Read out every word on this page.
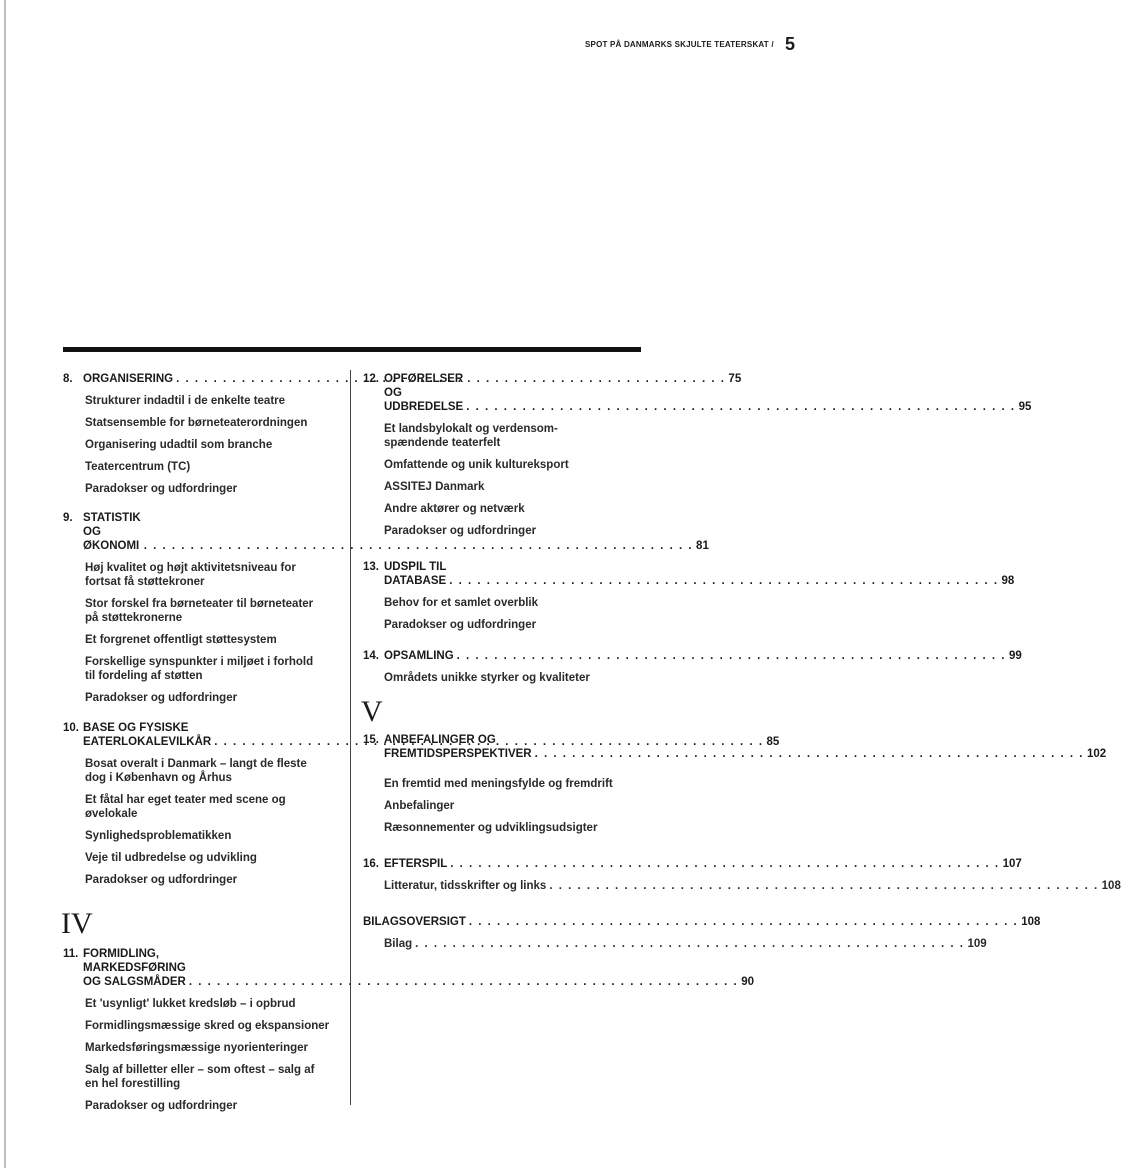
SPOT PÅ DANMARKS SKJULTE TEATERSKAT / 5
8. ORGANISERING . . .	75
Strukturer indadtil i de enkelte teatre
Statsensemble for børneteaterordningen
Organisering udadtil som branche
Teatercentrum (TC)
Paradokser og udfordringer
9. STATISTIK OG ØKONOMI . . .	81
Høj kvalitet og højt aktivitetsniveau for
fortsat få støttekroner
Stor forskel fra børneteater til børneteater
på støttekronerne
Et forgrenet offentligt støttesystem
Forskellige synspunkter i miljøet i forhold
til fordeling af støtten
Paradokser og udfordringer
10. BASE OG FYSISKE
EATERLOKALEVILKÅR . . .	85
Bosat overalt i Danmark – langt de fleste
dog i København og Århus
Et fåtal har eget teater med scene og
øvelokale
Synlighedsproblematikken
Veje til udbredelse og udvikling
Paradokser og udfordringer
IV
11. FORMIDLING, MARKEDSFØRING
OG SALGSMÅDER . . .	90
Et 'usynligt' lukket kredsløb – i opbrud
Formidlingsmæssige skred og ekspansioner
Markedsføringsmæssige nyorienteringer
Salg af billetter eller – som oftest – salg af
en hel forestilling
Paradokser og udfordringer
12. OPFØRELSER OG UDBREDELSE . . .	95
Et landsbylokalt og verdensom-
spændende teaterfelt
Omfattende og unik kultureksport
ASSITEJ Danmark
Andre aktører og netværk
Paradokser og udfordringer
13. UDSPIL TIL DATABASE . . .	98
Behov for et samlet overblik
Paradokser og udfordringer
14. OPSAMLING . . .	99
Områdets unikke styrker og kvaliteter
V
15. ANBEFALINGER OG
FREMTIDSPERSPEKTIVER . . .	102
En fremtid med meningsfylde og fremdrift
Anbefalinger
Ræsonnementer og udviklingsudsigter
16. EFTERSPIL . . .	107
Litteratur, tidsskrifter og links . . .	108
BILAGSOVERSIGT . . .	108
Bilag . . .	109
